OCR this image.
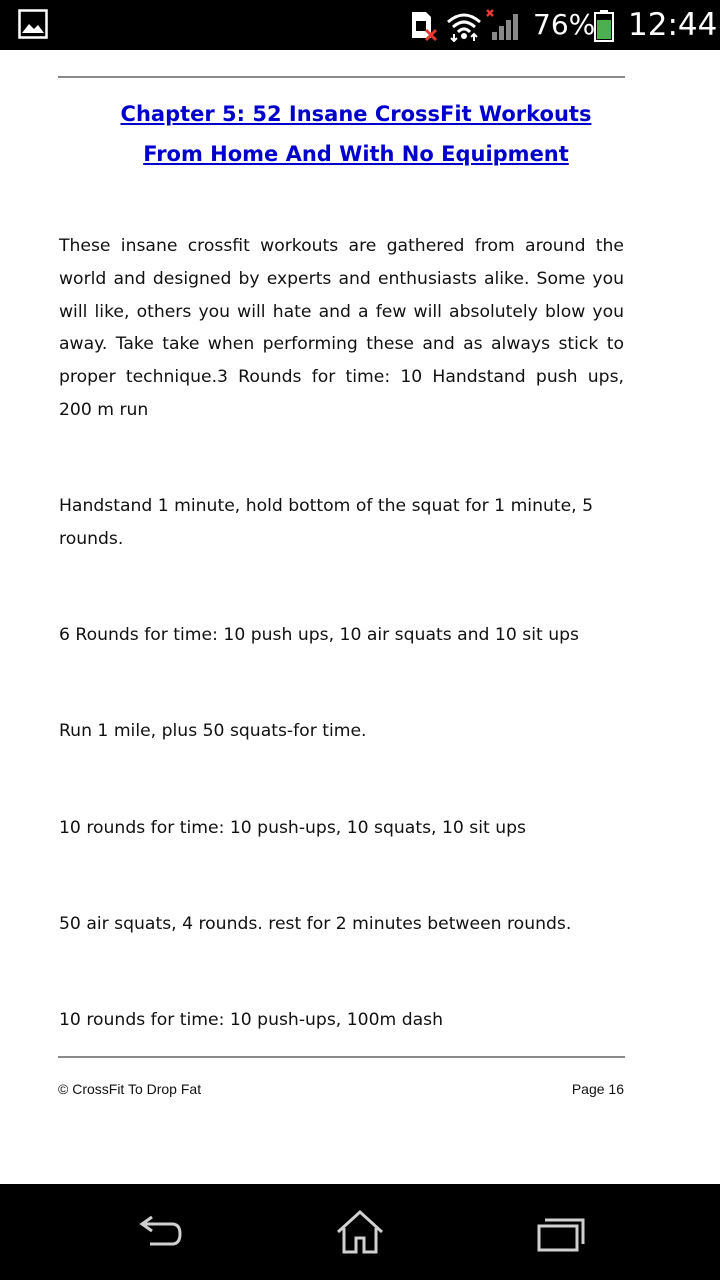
76% 12:44
Chapter 5: 52 Insane CrossFit Workouts
From Home And With No Equipment
These insane crossfit workouts are gathered from around the world and designed by experts and enthusiasts alike. Some you will like, others you will hate and a few will absolutely blow you away. Take take when performing these and as always stick to proper technique.3 Rounds for time: 10 Handstand push ups, 200 m run
Handstand 1 minute, hold bottom of the squat for 1 minute, 5 rounds.
6 Rounds for time: 10 push ups, 10 air squats and 10 sit ups
Run 1 mile, plus 50 squats-for time.
10 rounds for time: 10 push-ups, 10 squats, 10 sit ups
50 air squats, 4 rounds. rest for 2 minutes between rounds.
10 rounds for time: 10 push-ups, 100m dash
© CrossFit To Drop Fat	Page 16
